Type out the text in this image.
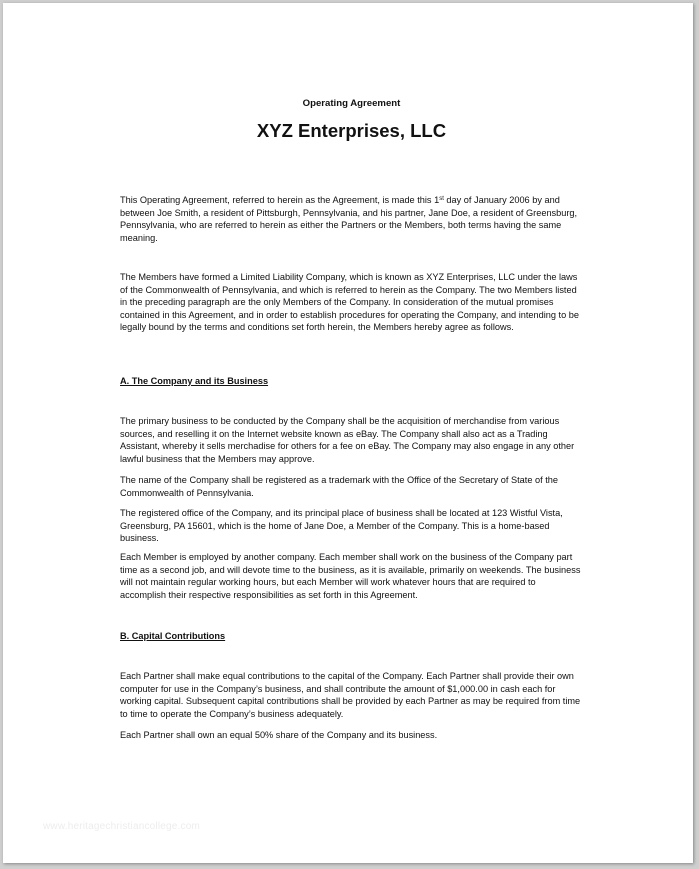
Operating Agreement
XYZ Enterprises, LLC

This Operating Agreement, referred to herein as the Agreement, is made this 1st day of January 2006 by and between Joe Smith, a resident of Pittsburgh, Pennsylvania, and his partner, Jane Doe, a resident of Greensburg, Pennsylvania, who are referred to herein as either the Partners or the Members, both terms having the same meaning.

The Members have formed a Limited Liability Company, which is known as XYZ Enterprises, LLC under the laws of the Commonwealth of Pennsylvania, and which is referred to herein as the Company. The two Members listed in the preceding paragraph are the only Members of the Company. In consideration of the mutual promises contained in this Agreement, and in order to establish procedures for operating the Company, and intending to be legally bound by the terms and conditions set forth herein, the Members hereby agree as follows.

A. The Company and its Business

The primary business to be conducted by the Company shall be the acquisition of merchandise from various sources, and reselling it on the Internet website known as eBay. The Company shall also act as a Trading Assistant, whereby it sells merchadise for others for a fee on eBay. The Company may also engage in any other lawful business that the Members may approve.

The name of the Company shall be registered as a trademark with the Office of the Secretary of State of the Commonwealth of Pennsylvania.

The registered office of the Company, and its principal place of business shall be located at 123 Wistful Vista, Greensburg, PA 15601, which is the home of Jane Doe, a Member of the Company. This is a home-based business.

Each Member is employed by another company. Each member shall work on the business of the Company part time as a second job, and will devote time to the business, as it is available, primarily on weekends. The business will not maintain regular working hours, but each Member will work whatever hours that are required to accomplish their respective responsibilities as set forth in this Agreement.

B. Capital Contributions

Each Partner shall make equal contributions to the capital of the Company. Each Partner shall provide their own computer for use in the Company’s business, and shall contribute the amount of $1,000.00 in cash each for working capital. Subsequent capital contributions shall be provided by each Partner as may be required from time to time to operate the Company’s business adequately.

Each Partner shall own an equal 50% share of the Company and its business.

www.heritagechristiancollege.com
